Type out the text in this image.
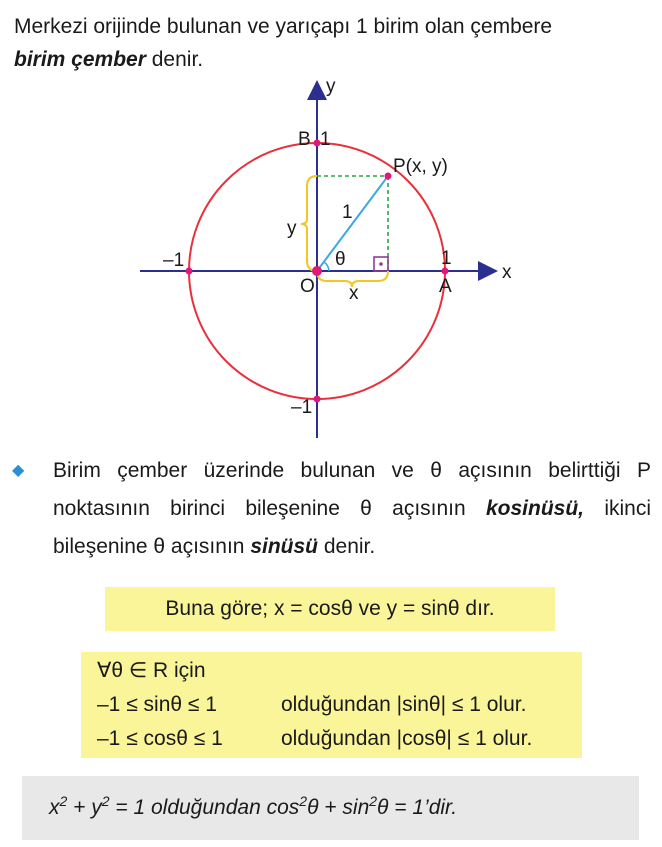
Merkezi orijinde bulunan ve yarıçapı 1 birim olan çembere
birim çember denir.
y
x
B 1
P(x, y)
1
y
θ
–1	1
O x	A
–1
◆ Birim çember üzerinde bulunan ve θ açısının belirttiği P noktasının birinci bileşenine θ açısının kosinüsü, ikinci bileşenine θ açısının sinüsü denir.
Buna göre; x = cosθ ve y = sinθ dır.
∀θ ∈ R için
–1 ≤ sinθ ≤ 1	olduğundan |sinθ| ≤ 1 olur.
–1 ≤ cosθ ≤ 1	olduğundan |cosθ| ≤ 1 olur.
$x^2 + y^2 = 1$ olduğundan $\cos^2\theta + \sin^2\theta$ = 1’dir.
